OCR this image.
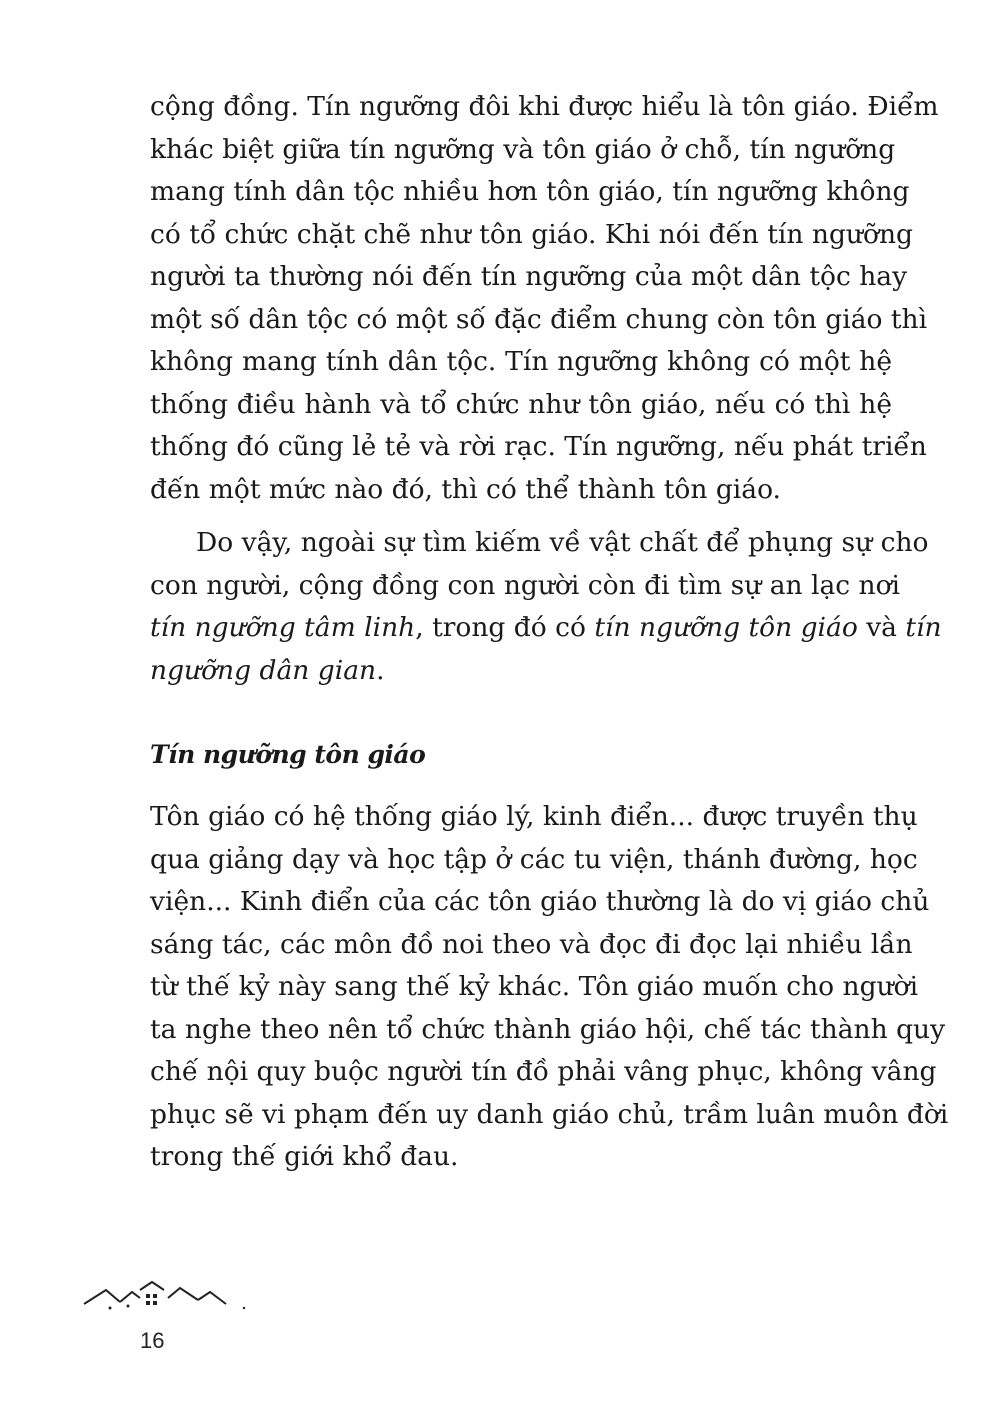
cộng đồng. Tín ngưỡng đôi khi được hiểu là tôn giáo. Điểm
khác biệt giữa tín ngưỡng và tôn giáo ở chỗ, tín ngưỡng
mang tính dân tộc nhiều hơn tôn giáo, tín ngưỡng không
có tổ chức chặt chẽ như tôn giáo. Khi nói đến tín ngưỡng
người ta thường nói đến tín ngưỡng của một dân tộc hay
một số dân tộc có một số đặc điểm chung còn tôn giáo thì
không mang tính dân tộc. Tín ngưỡng không có một hệ
thống điều hành và tổ chức như tôn giáo, nếu có thì hệ
thống đó cũng lẻ tẻ và rời rạc. Tín ngưỡng, nếu phát triển
đến một mức nào đó, thì có thể thành tôn giáo.
Do vậy, ngoài sự tìm kiếm về vật chất để phụng sự cho
con người, cộng đồng con người còn đi tìm sự an lạc nơi
tín ngưỡng tâm linh, trong đó có tín ngưỡng tôn giáo và tín
ngưỡng dân gian.
Tín ngưỡng tôn giáo
Tôn giáo có hệ thống giáo lý, kinh điển... được truyền thụ
qua giảng dạy và học tập ở các tu viện, thánh đường, học
viện... Kinh điển của các tôn giáo thường là do vị giáo chủ
sáng tác, các môn đồ noi theo và đọc đi đọc lại nhiều lần
từ thế kỷ này sang thế kỷ khác. Tôn giáo muốn cho người
ta nghe theo nên tổ chức thành giáo hội, chế tác thành quy
chế nội quy buộc người tín đồ phải vâng phục, không vâng
phục sẽ vi phạm đến uy danh giáo chủ, trầm luân muôn đời
trong thế giới khổ đau.
16
